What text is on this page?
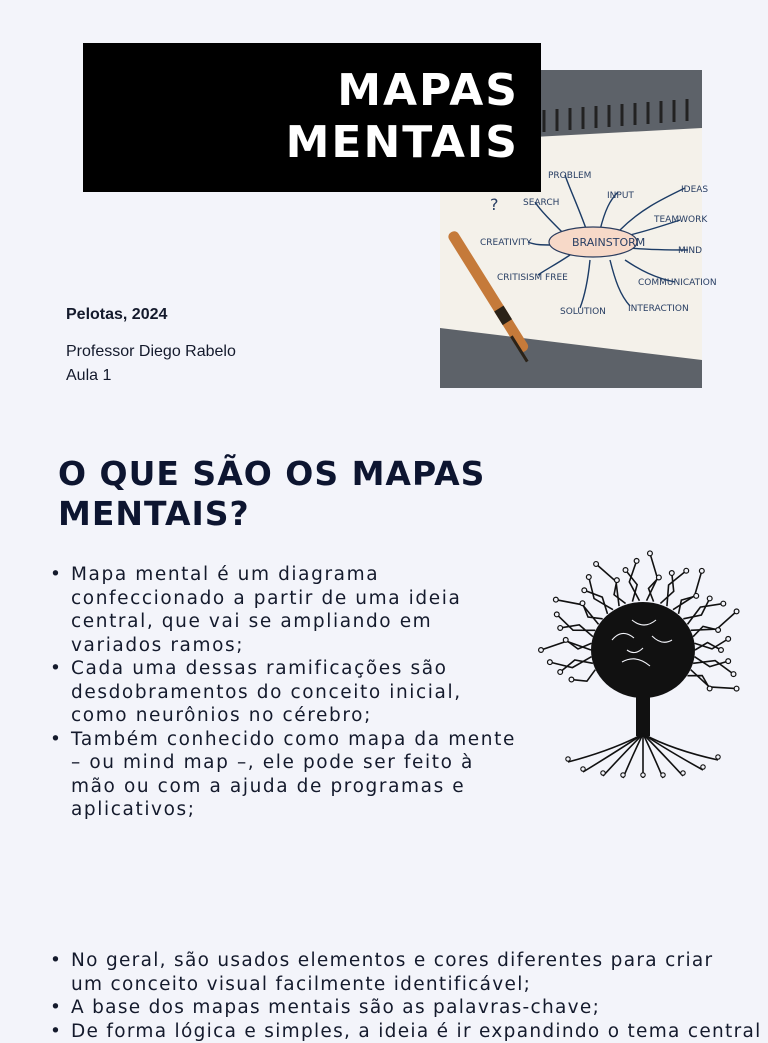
MAPAS
MENTAIS
BRAINSTORM
PROBLEM
INPUT
IDEAS
SEARCH
TEAMWORK
CREATIVITY
MIND
CRITISISM FREE	COMMUNICATION
SOLUTION INTERACTION
?
Pelotas, 2024
Professor Diego Rabelo
Aula 1
O QUE SÃO OS MAPAS
MENTAIS?
• Mapa mental é um diagrama confeccionado a partir de uma ideia central, que vai se ampliando em variados ramos;
• Cada uma dessas ramificações são desdobramentos do conceito inicial, como neurônios no cérebro;
• Também conhecido como mapa da mente – ou mind map –, ele pode ser feito à mão ou com a ajuda de programas e aplicativos;
• No geral, são usados elementos e cores diferentes para criar um conceito visual facilmente identificável;
• A base dos mapas mentais são as palavras-chave;
• De forma lógica e simples, a ideia é ir expandindo o tema central
